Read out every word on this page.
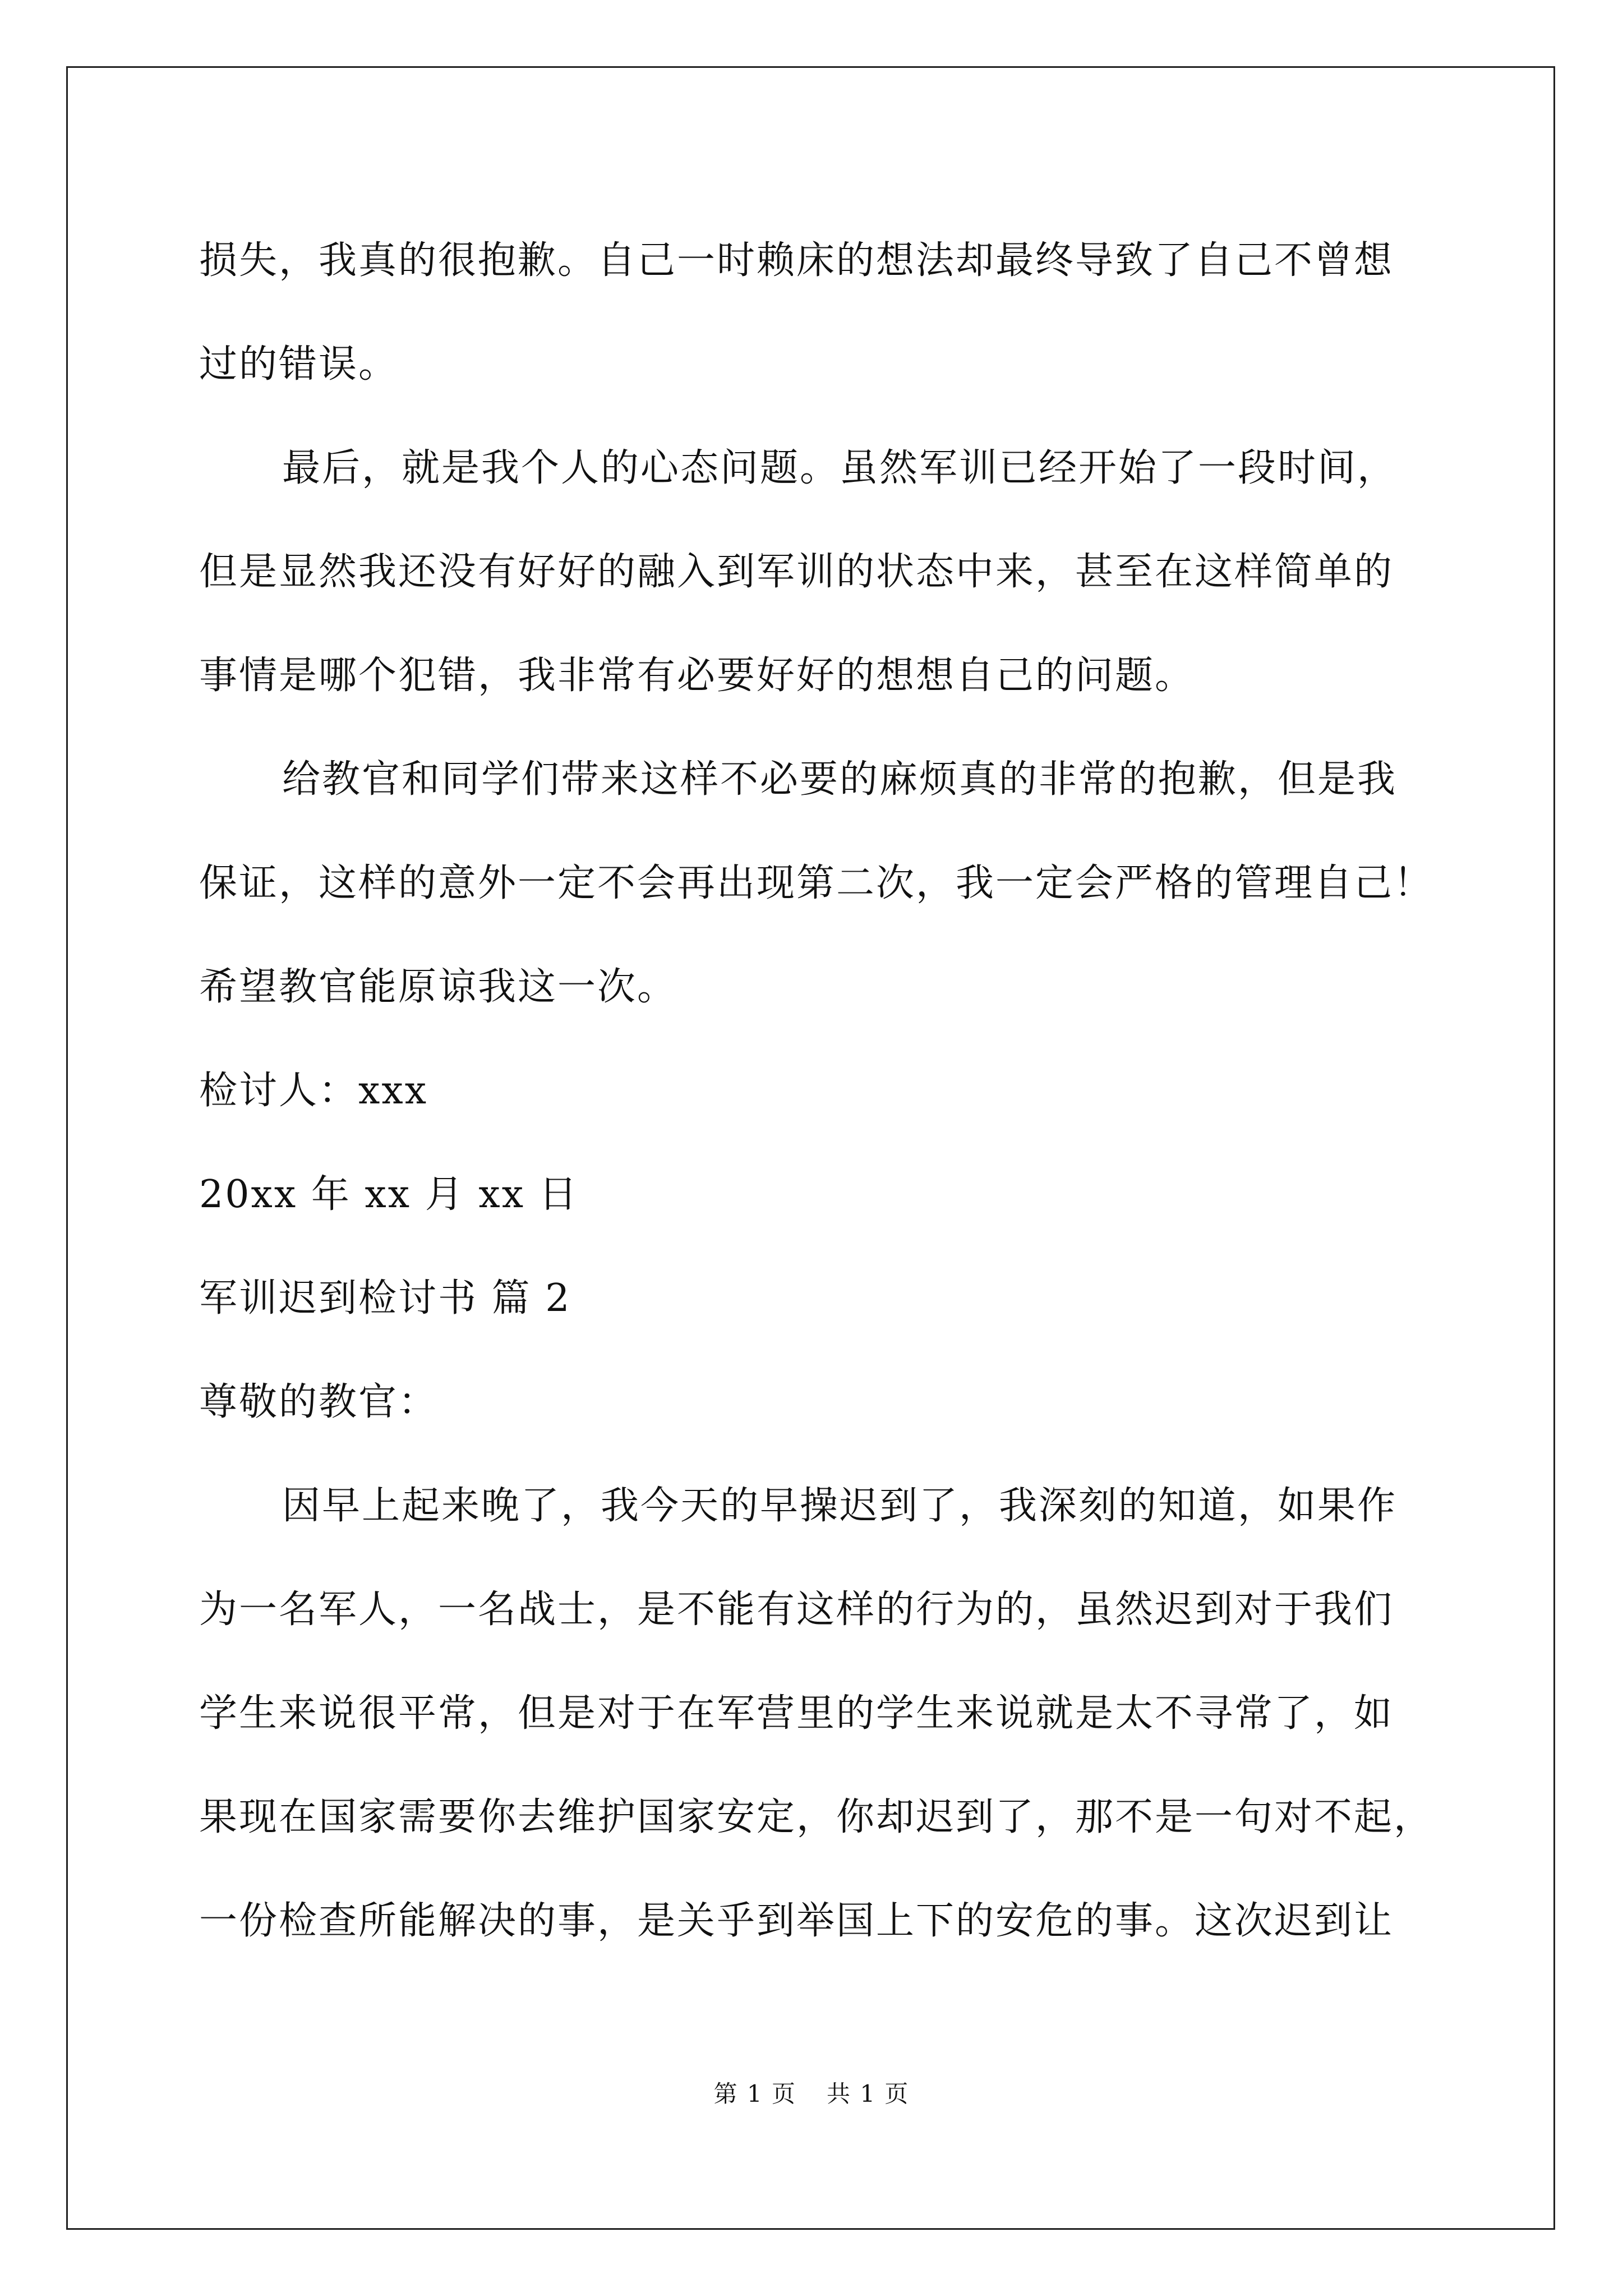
损失，我真的很抱歉。自己一时赖床的想法却最终导致了自己不曾想
过的错误。
最后，就是我个人的心态问题。虽然军训已经开始了一段时间，
但是显然我还没有好好的融入到军训的状态中来，甚至在这样简单的
事情是哪个犯错，我非常有必要好好的想想自己的问题。
给教官和同学们带来这样不必要的麻烦真的非常的抱歉，但是我
保证，这样的意外一定不会再出现第二次，我一定会严格的管理自己！
希望教官能原谅我这一次。
检讨人：xxx
20xx 年 xx 月 xx 日
军训迟到检讨书 篇 2
尊敬的教官：
因早上起来晚了，我今天的早操迟到了，我深刻的知道，如果作
为一名军人，一名战士，是不能有这样的行为的，虽然迟到对于我们
学生来说很平常，但是对于在军营里的学生来说就是太不寻常了，如
果现在国家需要你去维护国家安定，你却迟到了，那不是一句对不起，
一份检查所能解决的事，是关乎到举国上下的安危的事。这次迟到让
第 1 页 共 1 页
